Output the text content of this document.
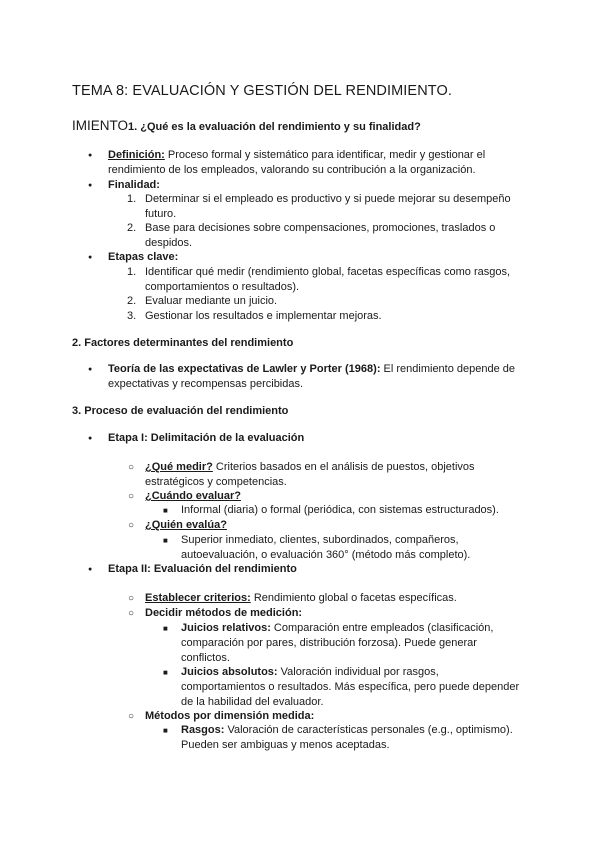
TEMA 8: EVALUACIÓN Y GESTIÓN DEL RENDIMIENTO.
IMIENTO1. ¿Qué es la evaluación del rendimiento y su finalidad?
● Definición: Proceso formal y sistemático para identificar, medir y gestionar el
rendimiento de los empleados, valorando su contribución a la organización.
● Finalidad:
1. Determinar si el empleado es productivo y si puede mejorar su desempeño
futuro.
2. Base para decisiones sobre compensaciones, promociones, traslados o
despidos.
● Etapas clave:
1. Identificar qué medir (rendimiento global, facetas específicas como rasgos,
comportamientos o resultados).
2. Evaluar mediante un juicio.
3. Gestionar los resultados e implementar mejoras.
2. Factores determinantes del rendimiento
● Teoría de las expectativas de Lawler y Porter (1968): El rendimiento depende de
expectativas y recompensas percibidas.
3. Proceso de evaluación del rendimiento
● Etapa I: Delimitación de la evaluación
○ ¿Qué medir? Criterios basados en el análisis de puestos, objetivos
estratégicos y competencias.
○ ¿Cuándo evaluar?
■ Informal (diaria) o formal (periódica, con sistemas estructurados).
○ ¿Quién evalúa?
■ Superior inmediato, clientes, subordinados, compañeros,
autoevaluación, o evaluación 360° (método más completo).
● Etapa II: Evaluación del rendimiento
○ Establecer criterios: Rendimiento global o facetas específicas.
○ Decidir métodos de medición:
■ Juicios relativos: Comparación entre empleados (clasificación,
comparación por pares, distribución forzosa). Puede generar
conflictos.
■ Juicios absolutos: Valoración individual por rasgos,
comportamientos o resultados. Más específica, pero puede depender
de la habilidad del evaluador.
○ Métodos por dimensión medida:
■ Rasgos: Valoración de características personales (e.g., optimismo).
Pueden ser ambiguas y menos aceptadas.
